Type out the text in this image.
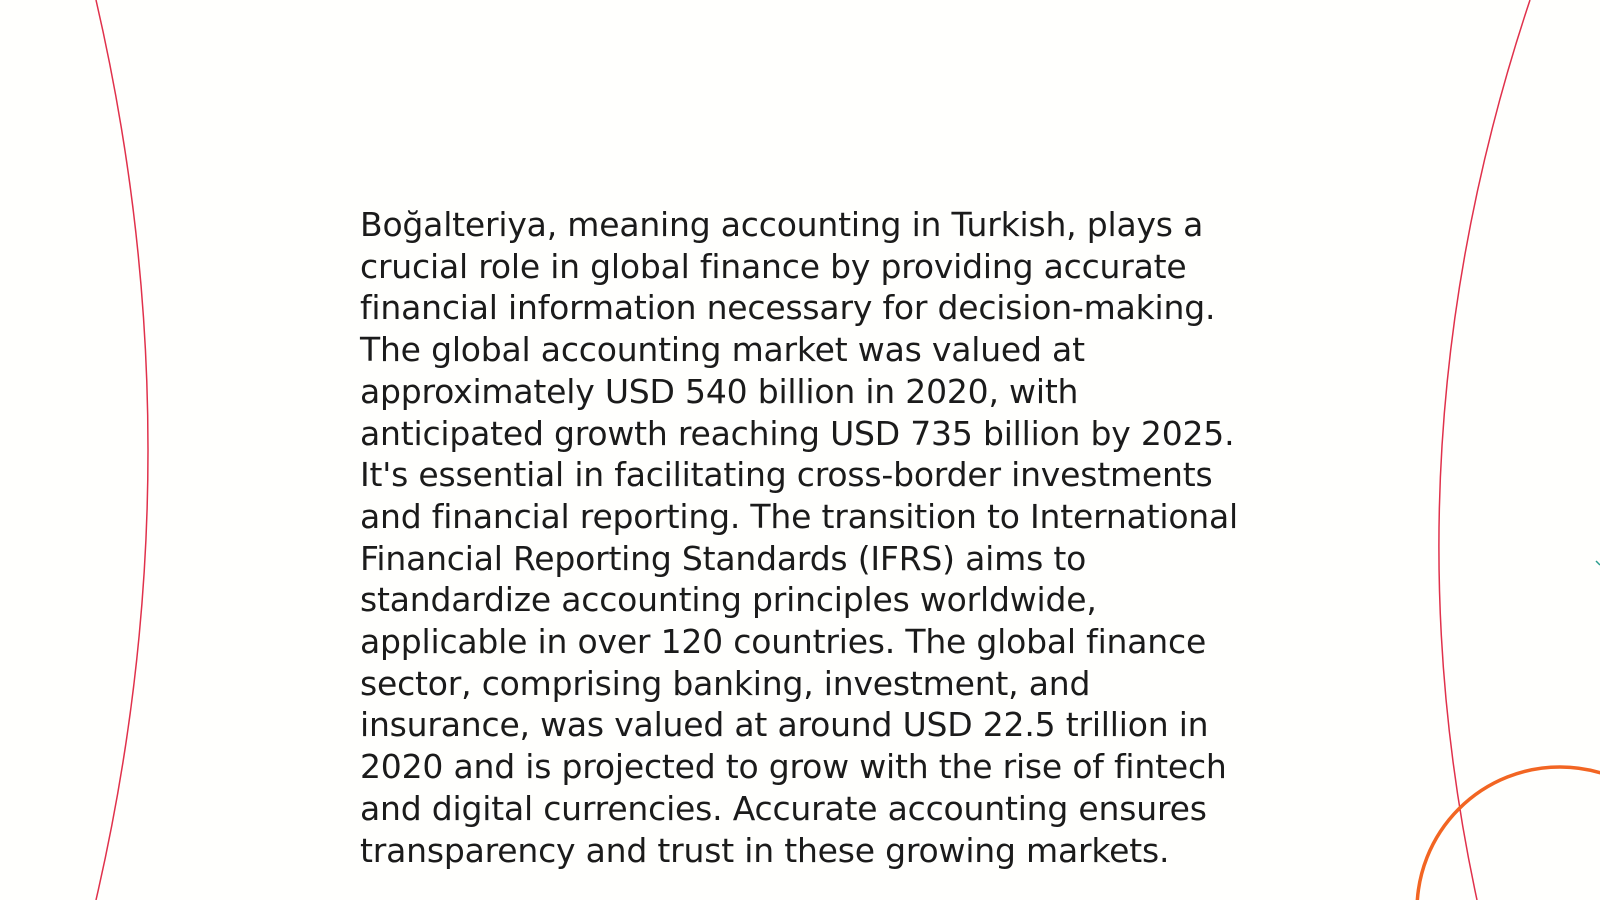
Boğalteriya, meaning accounting in Turkish, plays a
crucial role in global finance by providing accurate
financial information necessary for decision-making.
The global accounting market was valued at
approximately USD 540 billion in 2020, with
anticipated growth reaching USD 735 billion by 2025.
It's essential in facilitating cross-border investments
and financial reporting. The transition to International
Financial Reporting Standards (IFRS) aims to
standardize accounting principles worldwide,
applicable in over 120 countries. The global finance
sector, comprising banking, investment, and
insurance, was valued at around USD 22.5 trillion in
2020 and is projected to grow with the rise of fintech
and digital currencies. Accurate accounting ensures
transparency and trust in these growing markets.
